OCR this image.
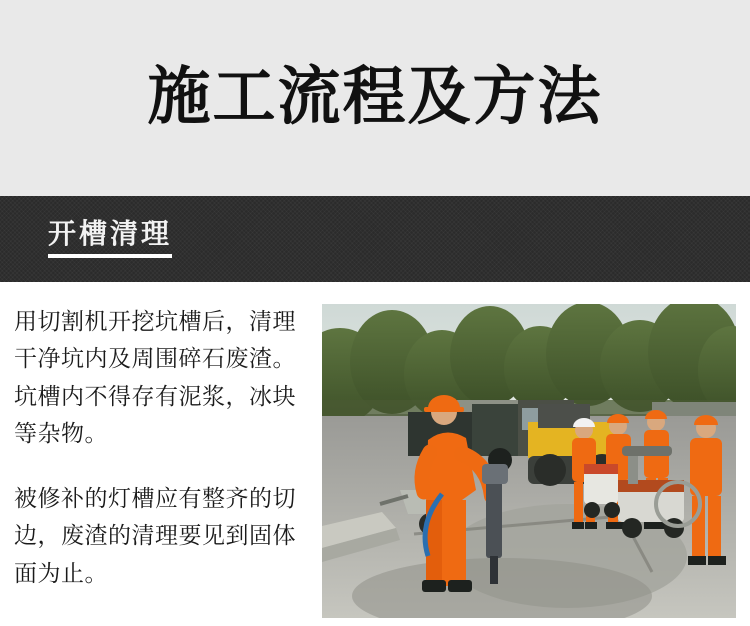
施工流程及方法
开槽清理

用切割机开挖坑槽后，清理干净坑内及周围碎石废渣。坑槽内不得存有泥浆，冰块等杂物。

被修补的灯槽应有整齐的切边，废渣的清理要见到固体面为止。
